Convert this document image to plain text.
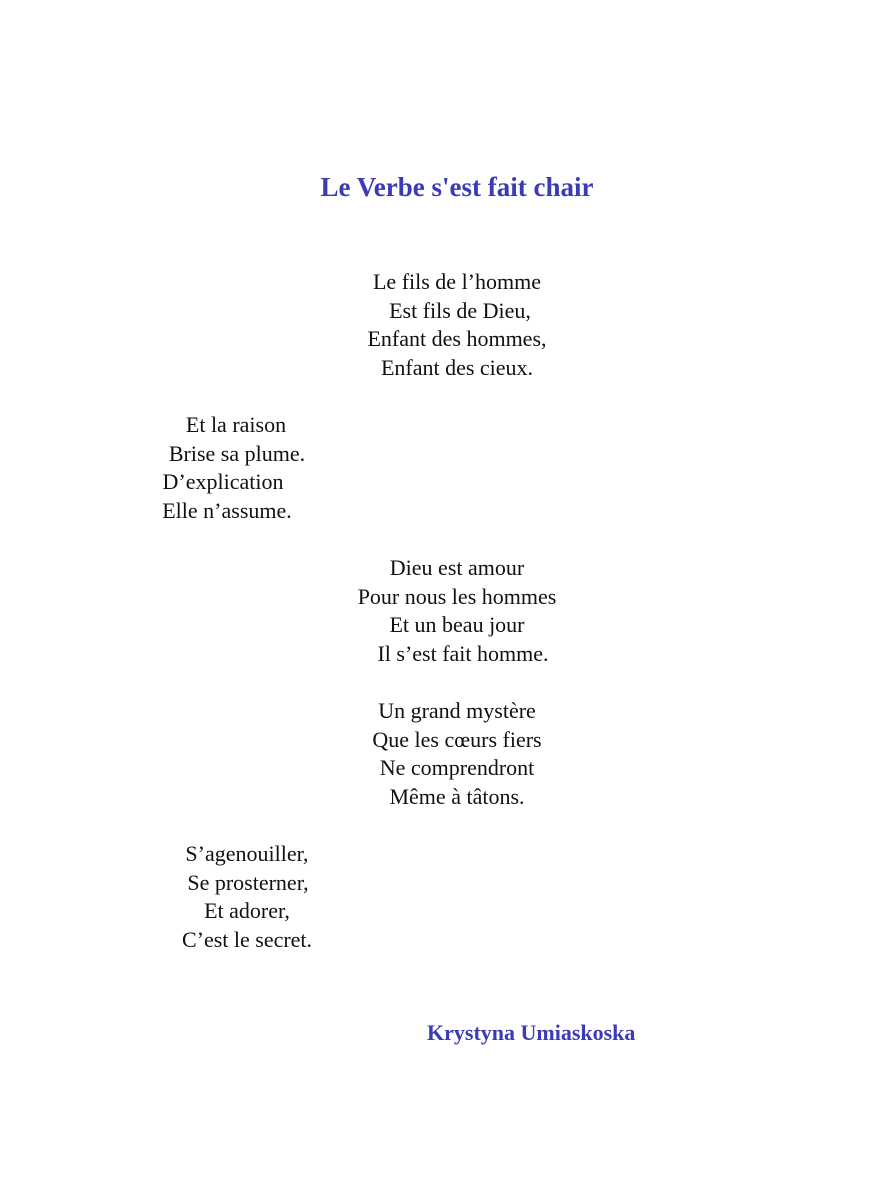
Le Verbe s'est fait chair
Le fils de l’homme
Est fils de Dieu,
Enfant des hommes,
Enfant des cieux.
Et la raison
Brise sa plume.
D’explication
Elle n’assume.
Dieu est amour
Pour nous les hommes
Et un beau jour
Il s’est fait homme.
Un grand mystère
Que les cœurs fiers
Ne comprendront
Même à tâtons.
S’agenouiller,
Se prosterner,
Et adorer,
C’est le secret.
Krystyna Umiaskoska
